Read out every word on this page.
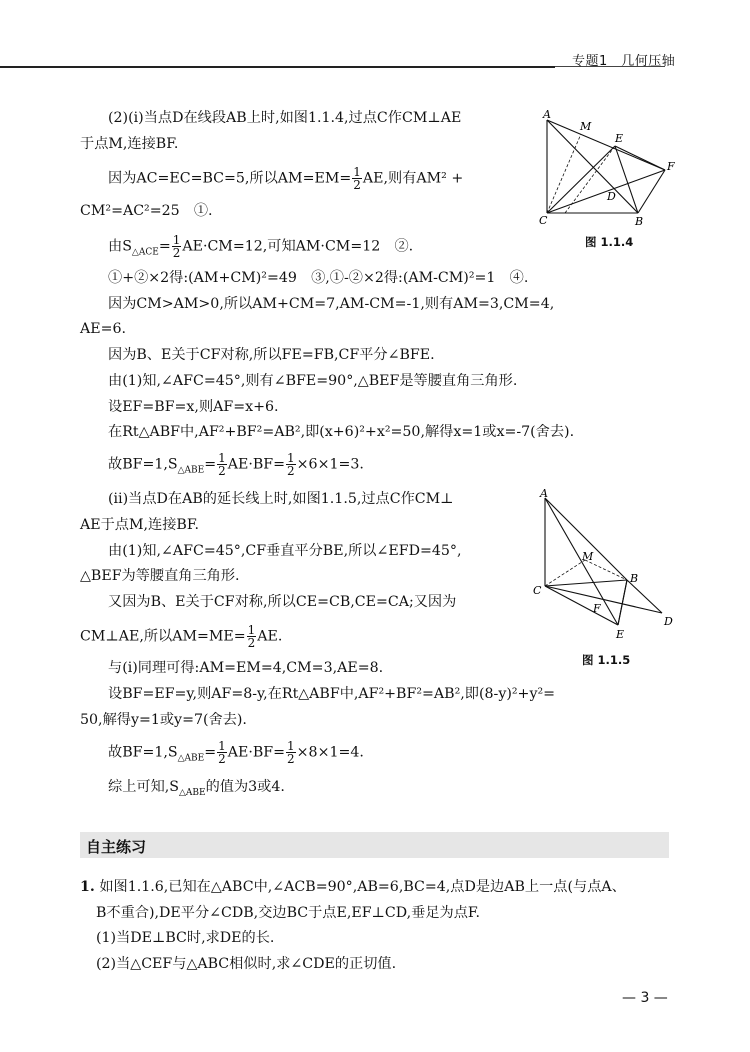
专题1　几何压轴
(2)(ⅰ)当点D在线段AB上时,如图1.1.4,过点C作CM⊥AE
于点M,连接BF.
因为AC=EC=BC=5,所以$AM=EM= \frac{1}{2}$ AE,则有AM² +
CM²=AC²=25　①.
由$S_{\triangle ACE}= \frac{1}{2} AE\cdot CM=12$,可知AM·CM=12　②.
①+②×2得:(AM+CM)²=49　③,①-②×2得:(AM-CM)²=1　④.
因为CM>AM>0,所以AM+CM=7,AM-CM=-1,则有AM=3,CM=4,
AE=6.
因为B、E关于CF对称,所以FE=FB,CF平分∠BFE.
由(1)知,∠AFC=45°,则有∠BFE=90°,△BEF是等腰直角三角形.
设EF=BF=x,则AF=x+6.
在Rt△ABF中,AF²+BF²=AB²,即(x+6)²+x²=50,解得x=1或x=-7(舍去).
故$BF=1,S_{\triangle ABE}= \frac{1}{2} AE\cdot BF= \frac{1}{2} \times 6\times 1=3$.
(ⅱ)当点D在AB的延长线上时,如图1.1.5,过点C作CM⊥
AE于点M,连接BF.
由(1)知,∠AFC=45°,CF垂直平分BE,所以∠EFD=45°,
△BEF为等腰直角三角形.
又因为B、E关于CF对称,所以CE=CB,CE=CA;又因为
CM⊥AE,所以$AM=ME= \frac{1}{2}$ AE.
与(ⅰ)同理可得:AM=EM=4,CM=3,AE=8.
设BF=EF=y,则AF=8-y,在Rt△ABF中,AF²+BF²=AB²,即(8-y)²+y²=
50,解得y=1或y=7(舍去).
故$BF=1,S_{\triangle ABE}= \frac{1}{2} AE\cdot BF= \frac{1}{2} \times 8\times 1=4$.
综上可知$,S_{\triangle ABE}$的值为3或4.
A
M
E
F
D
C	B
图 1.1.4
A
M
B
C
F
E
D
图 1.1.5
自主练习
1. 如图1.1.6,已知在△ABC中,∠ACB=90°,AB=6,BC=4,点D是边AB上一点(与点A、
B不重合),DE平分∠CDB,交边BC于点E,EF⊥CD,垂足为点F.
(1)当DE⊥BC时,求DE的长.
(2)当△CEF与△ABC相似时,求∠CDE的正切值.
— 3 —
